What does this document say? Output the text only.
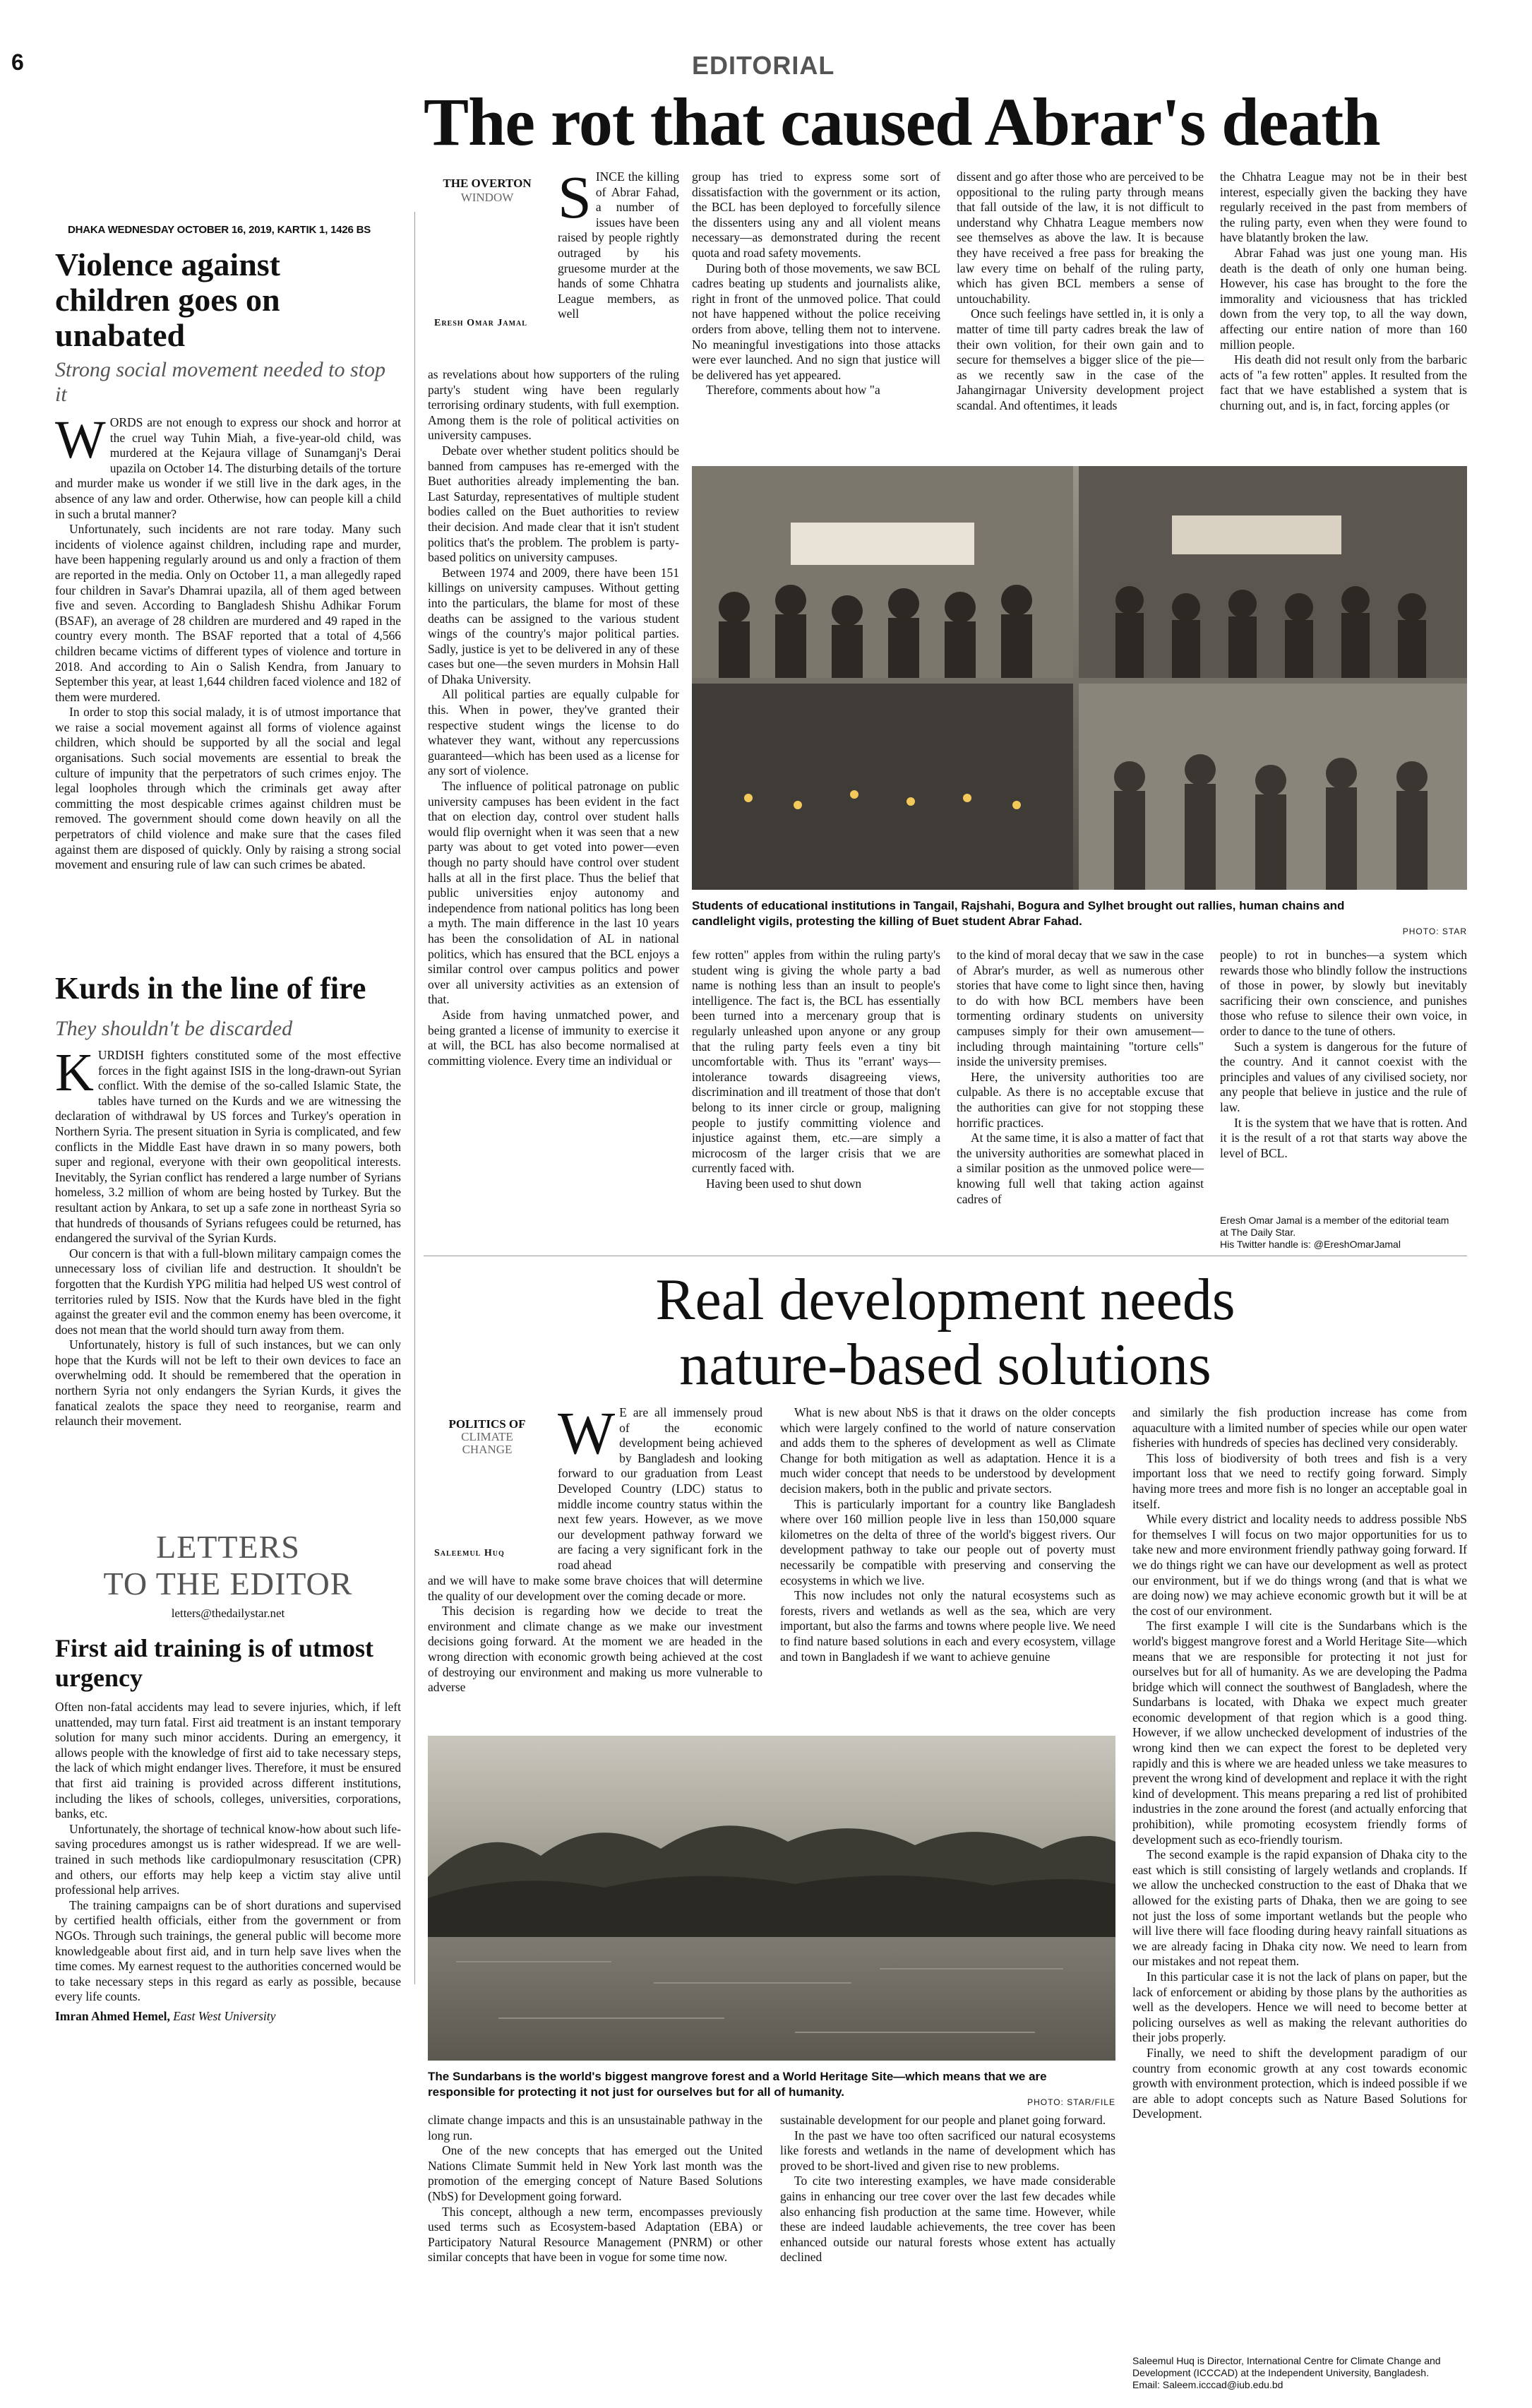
6	EDITORIAL
The rot that caused Abrar's death
DHAKA WEDNESDAY OCTOBER 16, 2019, KARTIK 1, 1426 BS
Violence against children goes on unabated
Strong social movement needed to stop it
W ORDS are not enough to express our shock and horror at the cruel way Tuhin Miah, a five-year-old child, was murdered at the Kejaura village of Sunamganj's Derai upazila on October 14. The disturbing details of the torture and murder make us wonder if we still live in the dark ages, in the absence of any law and order. Otherwise, how can people kill a child in such a brutal manner?

Unfortunately, such incidents are not rare today. Many such incidents of violence against children, including rape and murder, have been happening regularly around us and only a fraction of them are reported in the media. Only on October 11, a man allegedly raped four children in Savar's Dhamrai upazila, all of them aged between five and seven. According to Bangladesh Shishu Adhikar Forum (BSAF), an average of 28 children are murdered and 49 raped in the country every month. The BSAF reported that a total of 4,566 children became victims of different types of violence and torture in 2018. And according to Ain o Salish Kendra, from January to September this year, at least 1,644 children faced violence and 182 of them were murdered.

In order to stop this social malady, it is of utmost importance that we raise a social movement against all forms of violence against children, which should be supported by all the social and legal organisations. Such social movements are essential to break the culture of impunity that the perpetrators of such crimes enjoy. The legal loopholes through which the criminals get away after committing the most despicable crimes against children must be removed. The government should come down heavily on all the perpetrators of child violence and make sure that the cases filed against them are disposed of quickly. Only by raising a strong social movement and ensuring rule of law can such crimes be abated.

Kurds in the line of fire
They shouldn't be discarded
K URDISH fighters constituted some of the most effective forces in the fight against ISIS in the long-drawn-out Syrian conflict. With the demise of the so-called Islamic State, the tables have turned on the Kurds and we are witnessing the declaration of withdrawal by US forces and Turkey's operation in Northern Syria. The present situation in Syria is complicated, and few conflicts in the Middle East have drawn in so many powers, both super and regional, everyone with their own geopolitical interests. Inevitably, the Syrian conflict has rendered a large number of Syrians homeless, 3.2 million of whom are being hosted by Turkey. But the resultant action by Ankara, to set up a safe zone in northeast Syria so that hundreds of thousands of Syrians refugees could be returned, has endangered the survival of the Syrian Kurds.

Our concern is that with a full-blown military campaign comes the unnecessary loss of civilian life and destruction. It shouldn't be forgotten that the Kurdish YPG militia had helped US west control of territories ruled by ISIS. Now that the Kurds have bled in the fight against the greater evil and the common enemy has been overcome, it does not mean that the world should turn away from them.

Unfortunately, history is full of such instances, but we can only hope that the Kurds will not be left to their own devices to face an overwhelming odd. It should be remembered that the operation in northern Syria not only endangers the Syrian Kurds, it gives the fanatical zealots the space they need to reorganise, rearm and relaunch their movement.

LETTERS
TO THE EDITOR
letters@thedailystar.net
First aid training is of utmost urgency

Often non-fatal accidents may lead to severe injuries, which, if left unattended, may turn fatal. First aid treatment is an instant temporary solution for many such minor accidents. During an emergency, it allows people with the knowledge of first aid to take necessary steps, the lack of which might endanger lives. Therefore, it must be ensured that first aid training is provided across different institutions, including the likes of schools, colleges, universities, corporations, banks, etc.

Unfortunately, the shortage of technical know-how about such life-saving procedures amongst us is rather widespread. If we are well-trained in such methods like cardiopulmonary resuscitation (CPR) and others, our efforts may help keep a victim stay alive until professional help arrives.

The training campaigns can be of short durations and supervised by certified health officials, either from the government or from NGOs. Through such trainings, the general public will become more knowledgeable about first aid, and in turn help save lives when the time comes. My earnest request to the authorities concerned would be to take necessary steps in this regard as early as possible, because every life counts.

Imran Ahmed Hemel, East West University

THE OVERTON
WINDOW
Eresh Omar Jamal
S INCE the killing of Abrar Fahad, a number of issues have been raised by people rightly outraged by his gruesome murder at the hands of some Chhatra League members, as well

as revelations about how supporters of the ruling party's student wing have been regularly terrorising ordinary students, with full exemption. Among them is the role of political activities on university campuses.

Debate over whether student politics should be banned from campuses has re-emerged with the Buet authorities already implementing the ban. Last Saturday, representatives of multiple student bodies called on the Buet authorities to review their decision. And made clear that it isn't student politics that's the problem. The problem is party-based politics on university campuses.

Between 1974 and 2009, there have been 151 killings on university campuses. Without getting into the particulars, the blame for most of these deaths can be assigned to the various student wings of the country's major political parties. Sadly, justice is yet to be delivered in any of these cases but one—the seven murders in Mohsin Hall of Dhaka University.

All political parties are equally culpable for this. When in power, they've granted their respective student wings the license to do whatever they want, without any repercussions guaranteed—which has been used as a license for any sort of violence.

The influence of political patronage on public university campuses has been evident in the fact that on election day, control over student halls would flip overnight when it was seen that a new party was about to get voted into power—even though no party should have control over student halls at all in the first place. Thus the belief that public universities enjoy autonomy and independence from national politics has long been a myth. The main difference in the last 10 years has been the consolidation of AL in national politics, which has ensured that the BCL enjoys a similar control over campus politics and power over all university activities as an extension of that.

Aside from having unmatched power, and being granted a license of immunity to exercise it at will, the BCL has also become normalised at committing violence. Every time an individual or

group has tried to express some sort of dissatisfaction with the government or its action, the BCL has been deployed to forcefully silence the dissenters using any and all violent means necessary—as demonstrated during the recent quota and road safety movements.

During both of those movements, we saw BCL cadres beating up students and journalists alike, right in front of the unmoved police. That could not have happened without the police receiving orders from above, telling them not to intervene. No meaningful investigations into those attacks were ever launched. And no sign that justice will be delivered has yet appeared.

Therefore, comments about how "a

dissent and go after those who are perceived to be oppositional to the ruling party through means that fall outside of the law, it is not difficult to understand why Chhatra League members now see themselves as above the law. It is because they have received a free pass for breaking the law every time on behalf of the ruling party, which has given BCL members a sense of untouchability.

Once such feelings have settled in, it is only a matter of time till party cadres break the law of their own volition, for their own gain and to secure for themselves a bigger slice of the pie—as we recently saw in the case of the Jahangirnagar University development project scandal. And oftentimes, it leads

the Chhatra League may not be in their best interest, especially given the backing they have regularly received in the past from members of the ruling party, even when they were found to have blatantly broken the law.

Abrar Fahad was just one young man. His death is the death of only one human being. However, his case has brought to the fore the immorality and viciousness that has trickled down from the very top, to all the way down, affecting our entire nation of more than 160 million people.

His death did not result only from the barbaric acts of "a few rotten" apples. It resulted from the fact that we have established a system that is churning out, and is, in fact, forcing apples (or

Students of educational institutions in Tangail, Rajshahi, Bogura and Sylhet brought out rallies, human chains and candlelight vigils, protesting the killing of Buet student Abrar Fahad.
PHOTO: STAR

few rotten" apples from within the ruling party's student wing is giving the whole party a bad name is nothing less than an insult to people's intelligence. The fact is, the BCL has essentially been turned into a mercenary group that is regularly unleashed upon anyone or any group that the ruling party feels even a tiny bit uncomfortable with. Thus its "errant' ways—intolerance towards disagreeing views, discrimination and ill treatment of those that don't belong to its inner circle or group, maligning people to justify committing violence and injustice against them, etc.—are simply a microcosm of the larger crisis that we are currently faced with.

Having been used to shut down

to the kind of moral decay that we saw in the case of Abrar's murder, as well as numerous other stories that have come to light since then, having to do with how BCL members have been tormenting ordinary students on university campuses simply for their own amusement—including through maintaining "torture cells" inside the university premises.

Here, the university authorities too are culpable. As there is no acceptable excuse that the authorities can give for not stopping these horrific practices.

At the same time, it is also a matter of fact that the university authorities are somewhat placed in a similar position as the unmoved police were—knowing full well that taking action against cadres of

people) to rot in bunches—a system which rewards those who blindly follow the instructions of those in power, by slowly but inevitably sacrificing their own conscience, and punishes those who refuse to silence their own voice, in order to dance to the tune of others.

Such a system is dangerous for the future of the country. And it cannot coexist with the principles and values of any civilised society, nor any people that believe in justice and the rule of law.

It is the system that we have that is rotten. And it is the result of a rot that starts way above the level of BCL.

Eresh Omar Jamal is a member of the editorial team
at The Daily Star.
His Twitter handle is: @EreshOmarJamal
Real development needs
nature-based solutions
POLITICS OF
CLIMATE
CHANGE
Saleemul Huq
W E are all immensely proud of the economic development being achieved by Bangladesh and looking forward to our graduation from Least Developed Country (LDC) status to middle income country status within the next few years. However, as we move our development pathway forward we are facing a very significant fork in the road ahead

and we will have to make some brave choices that will determine the quality of our development over the coming decade or more.

This decision is regarding how we decide to treat the environment and climate change as we make our investment decisions going forward. At the moment we are headed in the wrong direction with economic growth being achieved at the cost of destroying our environment and making us more vulnerable to adverse

What is new about NbS is that it draws on the older concepts which were largely confined to the world of nature conservation and adds them to the spheres of development as well as Climate Change for both mitigation as well as adaptation. Hence it is a much wider concept that needs to be understood by development decision makers, both in the public and private sectors.

This is particularly important for a country like Bangladesh where over 160 million people live in less than 150,000 square kilometres on the delta of three of the world's biggest rivers. Our development pathway to take our people out of poverty must necessarily be compatible with preserving and conserving the ecosystems in which we live.

This now includes not only the natural ecosystems such as forests, rivers and wetlands as well as the sea, which are very important, but also the farms and towns where people live. We need to find nature based solutions in each and every ecosystem, village and town in Bangladesh if we want to achieve genuine

and similarly the fish production increase has come from aquaculture with a limited number of species while our open water fisheries with hundreds of species has declined very considerably.

This loss of biodiversity of both trees and fish is a very important loss that we need to rectify going forward. Simply having more trees and more fish is no longer an acceptable goal in itself.

While every district and locality needs to address possible NbS for themselves I will focus on two major opportunities for us to take new and more environment friendly pathway going forward. If we do things right we can have our development as well as protect our environment, but if we do things wrong (and that is what we are doing now) we may achieve economic growth but it will be at the cost of our environment.

The first example I will cite is the Sundarbans which is the world's biggest mangrove forest and a World Heritage Site—which means that we are responsible for protecting it not just for ourselves but for all of humanity. As we are developing the Padma bridge which will connect the southwest of Bangladesh, where the Sundarbans is located, with Dhaka we expect much greater economic development of that region which is a good thing. However, if we allow unchecked development of industries of the wrong kind then we can expect the forest to be depleted very rapidly and this is where we are headed unless we take measures to prevent the wrong kind of development and replace it with the right kind of development. This means preparing a red list of prohibited industries in the zone around the forest (and actually enforcing that prohibition), while promoting ecosystem friendly forms of development such as eco-friendly tourism.

The second example is the rapid expansion of Dhaka city to the east which is still consisting of largely wetlands and croplands. If we allow the unchecked construction to the east of Dhaka that we allowed for the existing parts of Dhaka, then we are going to see not just the loss of some important wetlands but the people who will live there will face flooding during heavy rainfall situations as we are already facing in Dhaka city now. We need to learn from our mistakes and not repeat them.

In this particular case it is not the lack of plans on paper, but the lack of enforcement or abiding by those plans by the authorities as well as the developers. Hence we will need to become better at policing ourselves as well as making the relevant authorities do their jobs properly.

Finally, we need to shift the development paradigm of our country from economic growth at any cost towards economic growth with environment protection, which is indeed possible if we are able to adopt concepts such as Nature Based Solutions for Development.

The Sundarbans is the world's biggest mangrove forest and a World Heritage Site—which means that we are responsible for protecting it not just for ourselves but for all of humanity.
PHOTO: STAR/FILE

climate change impacts and this is an unsustainable pathway in the long run.

One of the new concepts that has emerged out the United Nations Climate Summit held in New York last month was the promotion of the emerging concept of Nature Based Solutions (NbS) for Development going forward.

This concept, although a new term, encompasses previously used terms such as Ecosystem-based Adaptation (EBA) or Participatory Natural Resource Management (PNRM) or other similar concepts that have been in vogue for some time now.

sustainable development for our people and planet going forward.

In the past we have too often sacrificed our natural ecosystems like forests and wetlands in the name of development which has proved to be short-lived and given rise to new problems.

To cite two interesting examples, we have made considerable gains in enhancing our tree cover over the last few decades while also enhancing fish production at the same time. However, while these are indeed laudable achievements, the tree cover has been enhanced outside our natural forests whose extent has actually declined

Saleemul Huq is Director, International Centre for Climate Change and
Development (ICCCAD) at the Independent University, Bangladesh.
Email: Saleem.icccad@iub.edu.bd
